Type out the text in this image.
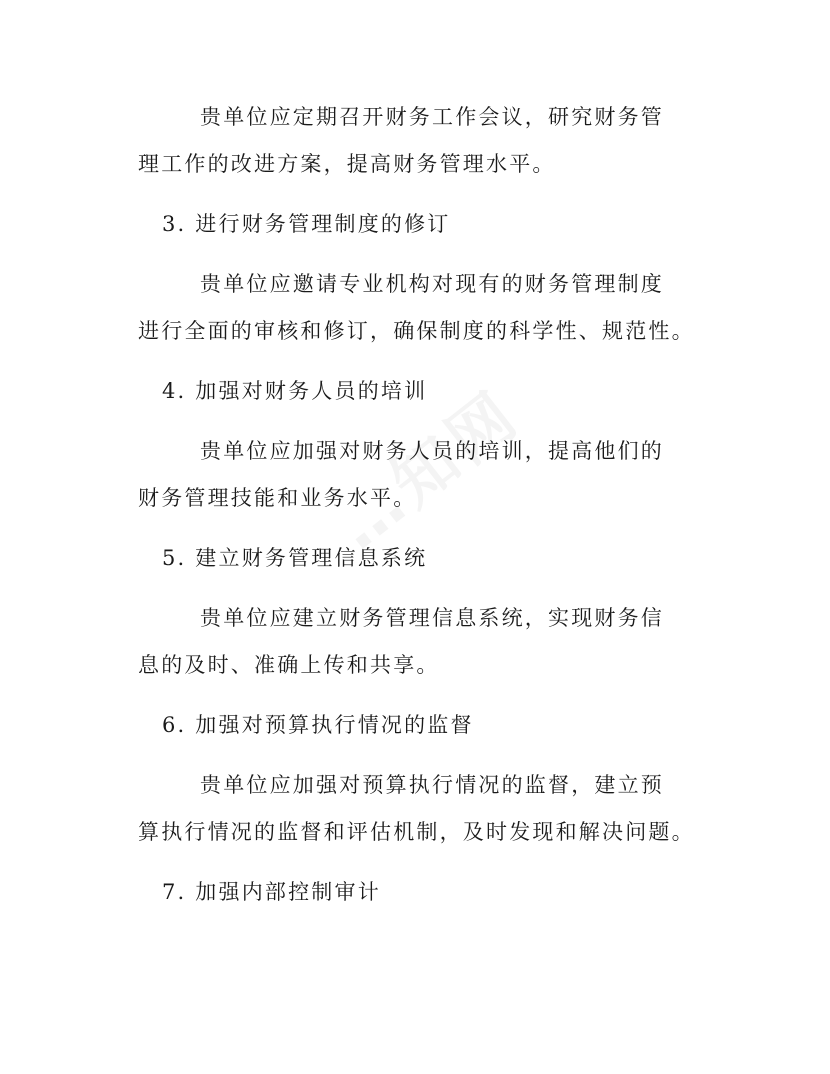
贵单位应定期召开财务工作会议，研究财务管
理工作的改进方案，提高财务管理水平。
3. 进行财务管理制度的修订
贵单位应邀请专业机构对现有的财务管理制度
进行全面的审核和修订，确保制度的科学性、规范性。
4. 加强对财务人员的培训
贵单位应加强对财务人员的培训，提高他们的
财务管理技能和业务水平。
5. 建立财务管理信息系统
贵单位应建立财务管理信息系统，实现财务信
息的及时、准确上传和共享。
6. 加强对预算执行情况的监督
贵单位应加强对预算执行情况的监督，建立预
算执行情况的监督和评估机制，及时发现和解决问题。
7. 加强内部控制审计
